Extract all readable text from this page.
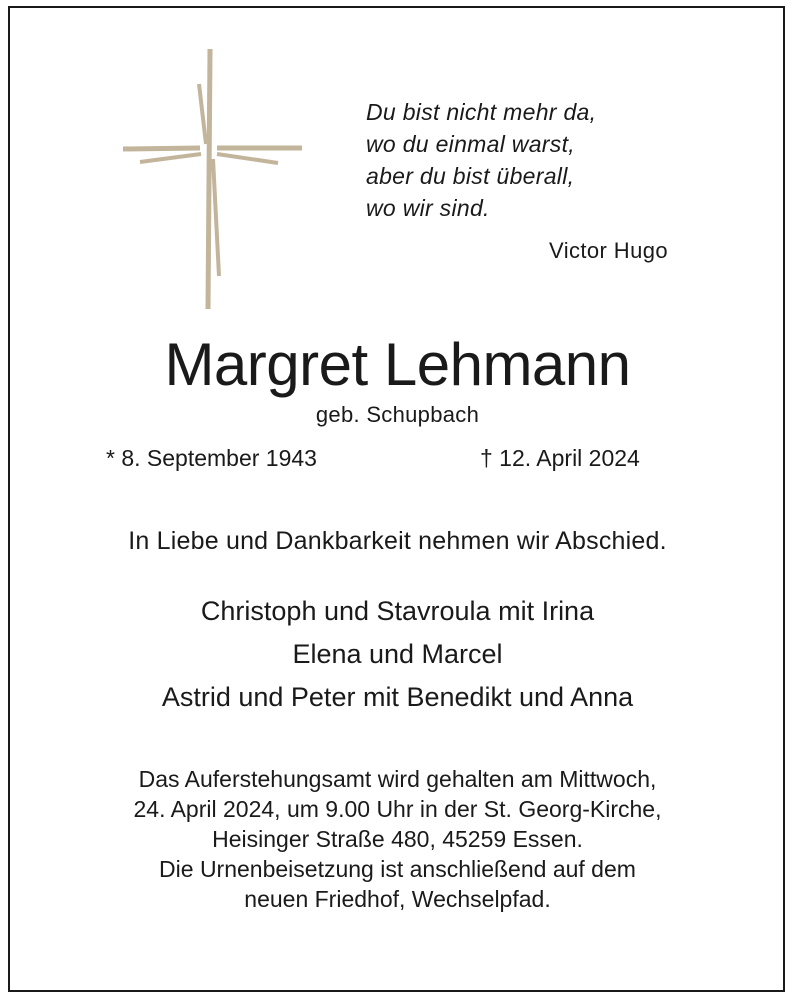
Du bist nicht mehr da,
wo du einmal warst,
aber du bist überall,
wo wir sind.
Victor Hugo
Margret Lehmann
geb. Schupbach
* 8. September 1943	† 12. April 2024
In Liebe und Dankbarkeit nehmen wir Abschied.
Christoph und Stavroula mit Irina
Elena und Marcel
Astrid und Peter mit Benedikt und Anna
Das Auferstehungsamt wird gehalten am Mittwoch,
24. April 2024, um 9.00 Uhr in der St. Georg-Kirche,
Heisinger Straße 480, 45259 Essen.
Die Urnenbeisetzung ist anschließend auf dem
neuen Friedhof, Wechselpfad.
